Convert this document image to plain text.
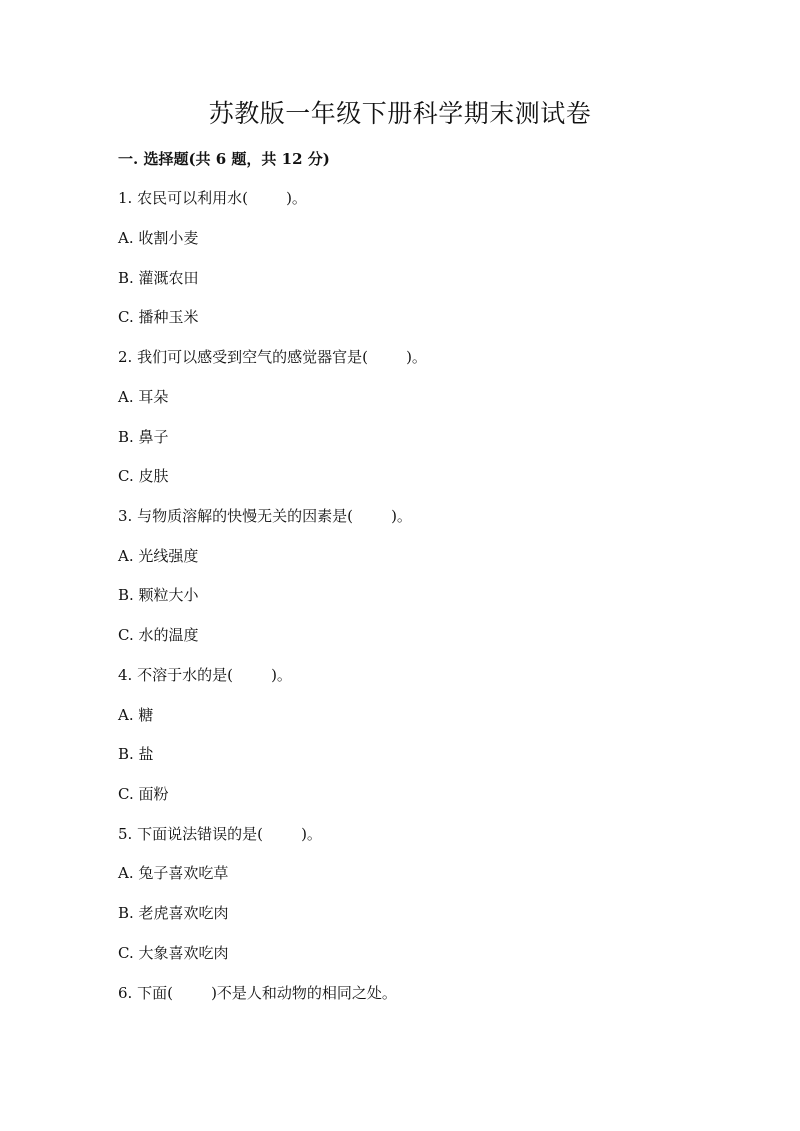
苏教版一年级下册科学期末测试卷
一. 选择题(共 6 题，共 12 分)
1. 农民可以利用水(        )。
A. 收割小麦
B. 灌溉农田
C. 播种玉米
2. 我们可以感受到空气的感觉器官是(        )。
A. 耳朵
B. 鼻子
C. 皮肤
3. 与物质溶解的快慢无关的因素是(        )。
A. 光线强度
B. 颗粒大小
C. 水的温度
4. 不溶于水的是(        )。
A. 糖
B. 盐
C. 面粉
5. 下面说法错误的是(        )。
A. 兔子喜欢吃草
B. 老虎喜欢吃肉
C. 大象喜欢吃肉
6. 下面(        )不是人和动物的相同之处。
